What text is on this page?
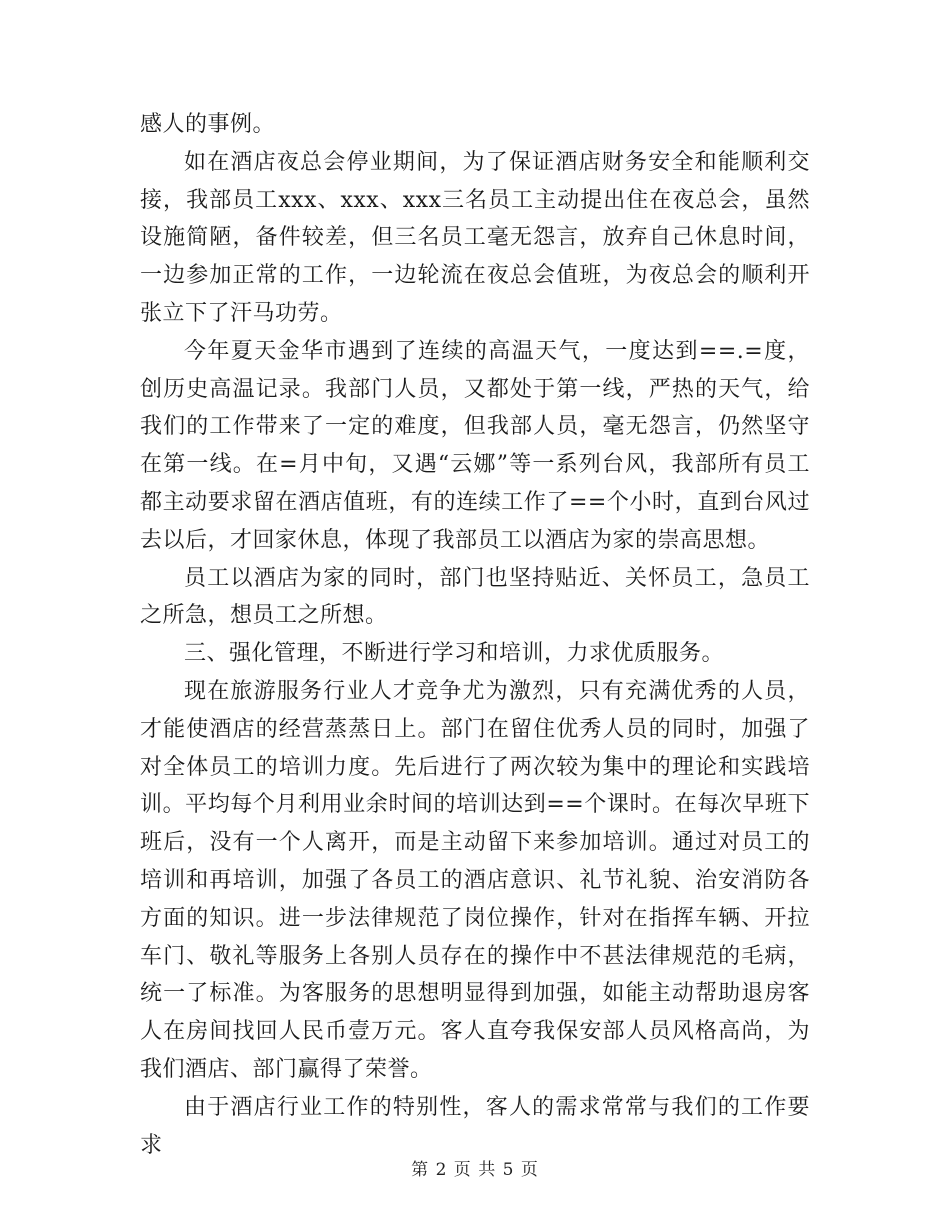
感人的事例。

如在酒店夜总会停业期间，为了保证酒店财务安全和能顺利交接，我部员工xxx、xxx、xxx三名员工主动提出住在夜总会，虽然设施简陋，备件较差，但三名员工毫无怨言，放弃自己休息时间，一边参加正常的工作，一边轮流在夜总会值班，为夜总会的顺利开张立下了汗马功劳。

今年夏天金华市遇到了连续的高温天气，一度达到==.=度，创历史高温记录。我部门人员，又都处于第一线，严热的天气，给我们的工作带来了一定的难度，但我部人员，毫无怨言，仍然坚守在第一线。在=月中旬，又遇“云娜”等一系列台风，我部所有员工都主动要求留在酒店值班，有的连续工作了==个小时，直到台风过去以后，才回家休息，体现了我部员工以酒店为家的崇高思想。

员工以酒店为家的同时，部门也坚持贴近、关怀员工，急员工之所急，想员工之所想。

三、强化管理，不断进行学习和培训，力求优质服务。

现在旅游服务行业人才竞争尤为激烈，只有充满优秀的人员，才能使酒店的经营蒸蒸日上。部门在留住优秀人员的同时，加强了对全体员工的培训力度。先后进行了两次较为集中的理论和实践培训。平均每个月利用业余时间的培训达到==个课时。在每次早班下班后，没有一个人离开，而是主动留下来参加培训。通过对员工的培训和再培训，加强了各员工的酒店意识、礼节礼貌、治安消防各方面的知识。进一步法律规范了岗位操作，针对在指挥车辆、开拉车门、敬礼等服务上各别人员存在的操作中不甚法律规范的毛病，统一了标准。为客服务的思想明显得到加强，如能主动帮助退房客人在房间找回人民币壹万元。客人直夸我保安部人员风格高尚，为我们酒店、部门赢得了荣誉。

由于酒店行业工作的特别性，客人的需求常常与我们的工作要求

第 2 页 共 5 页
